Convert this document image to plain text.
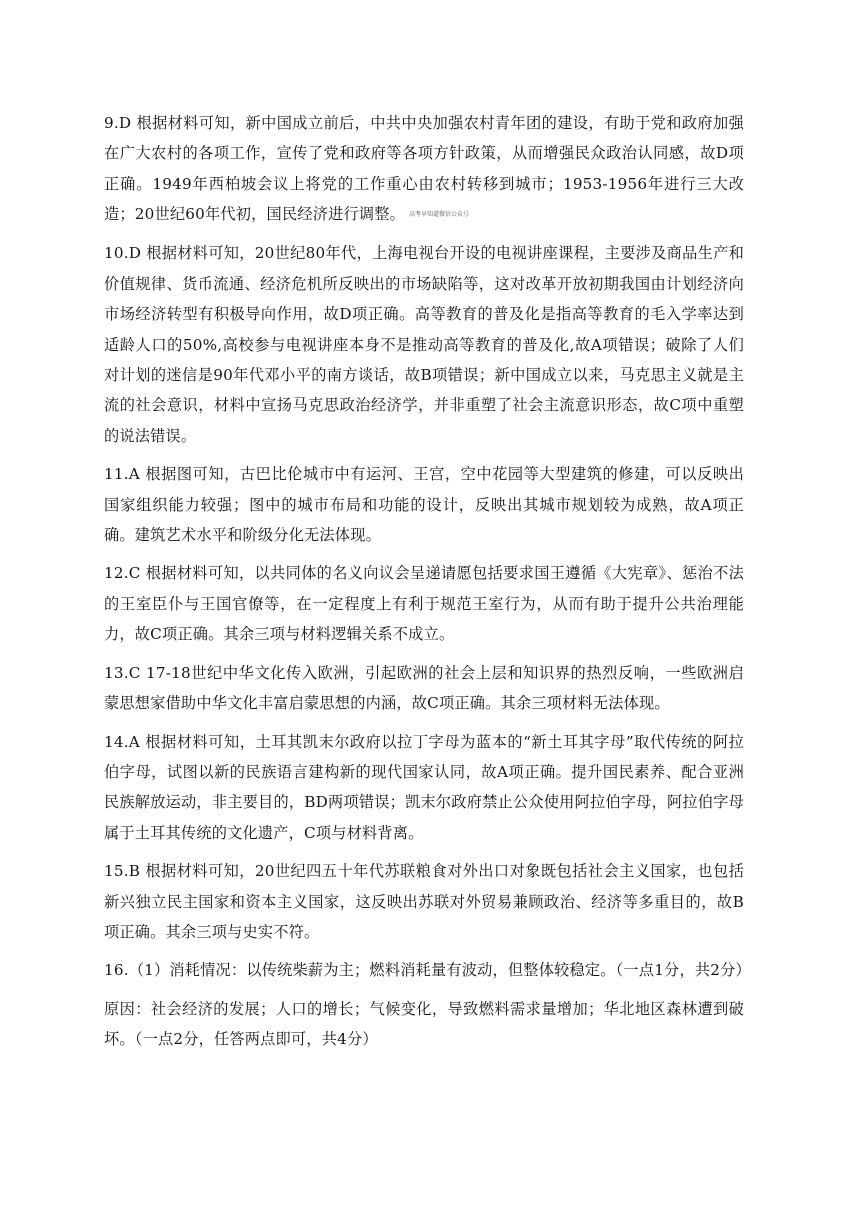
9.D 根据材料可知，新中国成立前后，中共中央加强农村青年团的建设，有助于党和政府加强在广大农村的各项工作，宣传了党和政府等各项方针政策，从而增强民众政治认同感，故D项正确。1949年西柏坡会议上将党的工作重心由农村转移到城市；1953-1956年进行三大改造；20世纪60年代初，国民经济进行调整。 高考早知道微信公众号

10.D 根据材料可知，20世纪80年代，上海电视台开设的电视讲座课程，主要涉及商品生产和价值规律、货币流通、经济危机所反映出的市场缺陷等，这对改革开放初期我国由计划经济向市场经济转型有积极导向作用，故D项正确。高等教育的普及化是指高等教育的毛入学率达到适龄人口的50%,高校参与电视讲座本身不是推动高等教育的普及化,故A项错误；破除了人们对计划的迷信是90年代邓小平的南方谈话，故B项错误；新中国成立以来，马克思主义就是主流的社会意识，材料中宣扬马克思政治经济学，并非重塑了社会主流意识形态，故C项中重塑的说法错误。

11.A 根据图可知，古巴比伦城市中有运河、王宫，空中花园等大型建筑的修建，可以反映出国家组织能力较强；图中的城市布局和功能的设计，反映出其城市规划较为成熟，故A项正确。建筑艺术水平和阶级分化无法体现。

12.C 根据材料可知，以共同体的名义向议会呈递请愿包括要求国王遵循《大宪章》、惩治不法的王室臣仆与王国官僚等，在一定程度上有利于规范王室行为，从而有助于提升公共治理能力，故C项正确。其余三项与材料逻辑关系不成立。

13.C 17-18世纪中华文化传入欧洲，引起欧洲的社会上层和知识界的热烈反响，一些欧洲启蒙思想家借助中华文化丰富启蒙思想的内涵，故C项正确。其余三项材料无法体现。

14.A 根据材料可知，土耳其凯末尔政府以拉丁字母为蓝本的“新土耳其字母”取代传统的阿拉伯字母，试图以新的民族语言建构新的现代国家认同，故A项正确。提升国民素养、配合亚洲民族解放运动，非主要目的，BD两项错误；凯末尔政府禁止公众使用阿拉伯字母，阿拉伯字母属于土耳其传统的文化遗产，C项与材料背离。

15.B 根据材料可知，20世纪四五十年代苏联粮食对外出口对象既包括社会主义国家，也包括新兴独立民主国家和资本主义国家，这反映出苏联对外贸易兼顾政治、经济等多重目的，故B项正确。其余三项与史实不符。

16.（1）消耗情况：以传统柴薪为主；燃料消耗量有波动，但整体较稳定。（一点1分，共2分）

原因：社会经济的发展；人口的增长；气候变化，导致燃料需求量增加；华北地区森林遭到破坏。（一点2分，任答两点即可，共4分）
